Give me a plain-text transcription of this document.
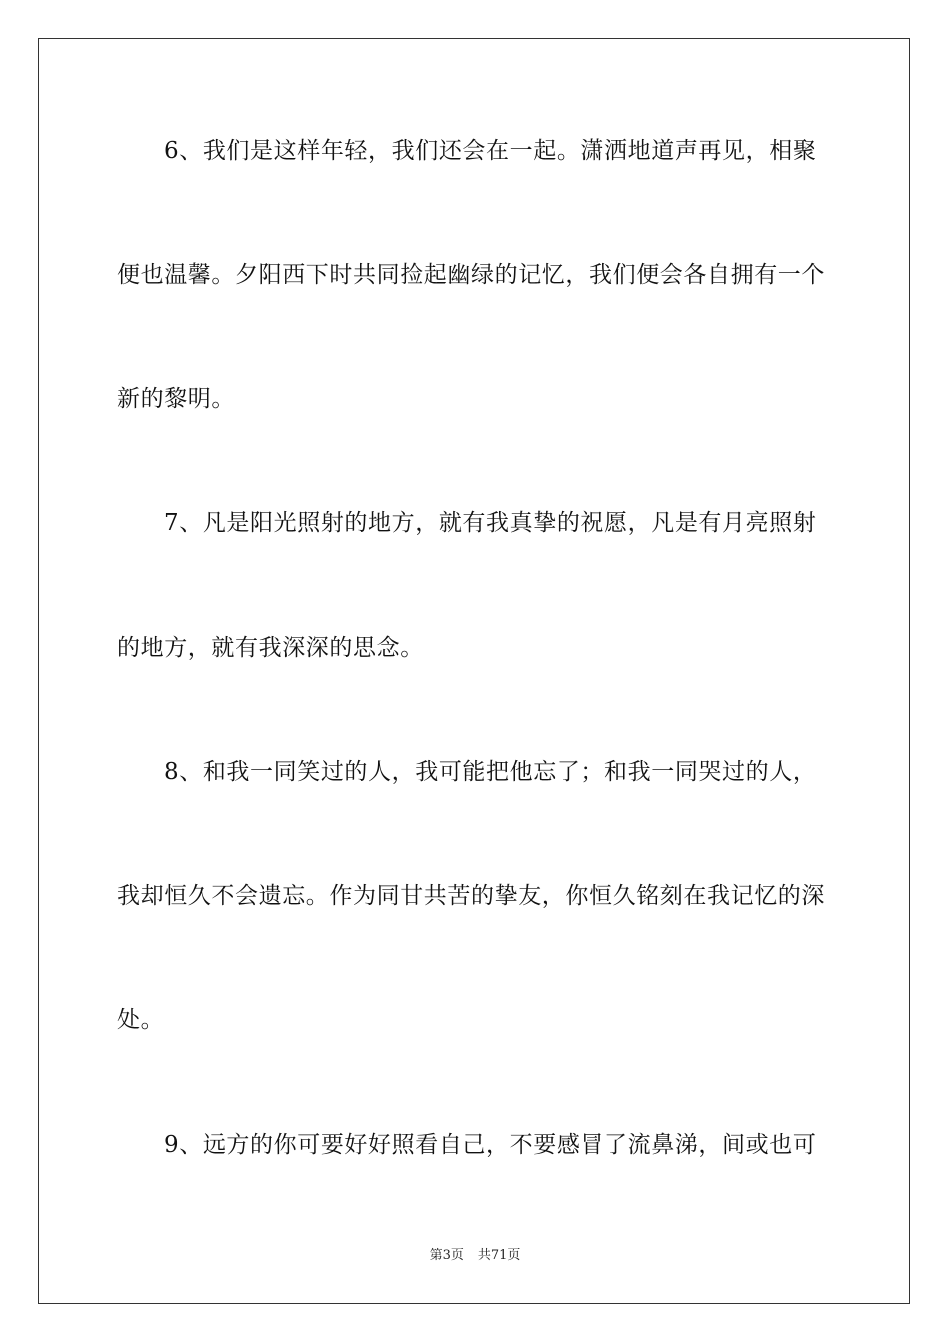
6、我们是这样年轻，我们还会在一起。潇洒地道声再见，相聚
便也温馨。夕阳西下时共同捡起幽绿的记忆，我们便会各自拥有一个
新的黎明。
7、凡是阳光照射的地方，就有我真挚的祝愿，凡是有月亮照射
的地方，就有我深深的思念。
8、和我一同笑过的人，我可能把他忘了；和我一同哭过的人，
我却恒久不会遗忘。作为同甘共苦的挚友，你恒久铭刻在我记忆的深
处。
9、远方的你可要好好照看自己，不要感冒了流鼻涕，间或也可
第3页 共71页
